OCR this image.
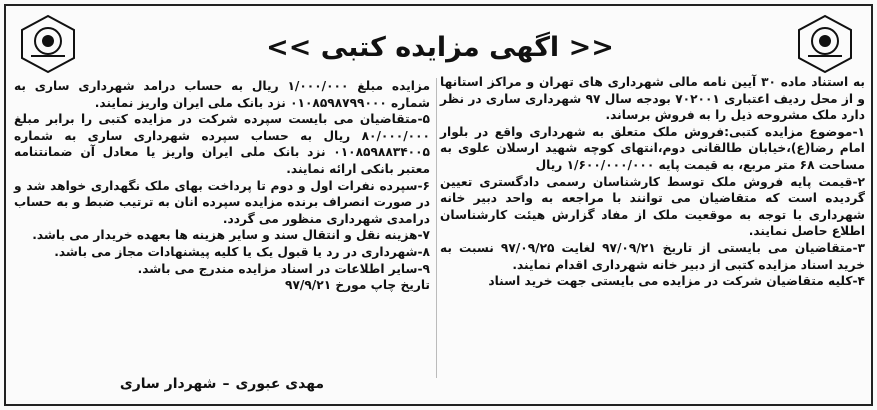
<< اگهی مزایده کتبی >>

به استناد ماده ۳۰ آیین نامه مالی شهرداری های تهران و مراکز استانها و از محل ردیف اعتباری ۷۰۲۰۰۱ بودجه سال ۹۷ شهرداری ساری در نظر دارد ملک مشروحه ذیل را به فروش برساند.

۱-موضوع مزایده کتبی:فروش ملک متعلق به شهرداری واقع در بلوار امام رضا(ع)،خیابان طالقانی دوم،انتهای کوچه شهید ارسلان علوی به مساحت ۶۸ متر مربع، به قیمت پایه ۱/۶۰۰/۰۰۰/۰۰۰ ریال

۲-قیمت پایه فروش ملک توسط کارشناسان رسمی دادگستری تعیین گردیده است که متقاضیان می توانند با مراجعه به واحد دبیر خانه شهرداری با توجه به موقعیت ملک از مفاد گزارش هیئت کارشناسان اطلاع حاصل نمایند.

۳-متقاضیان می بایستی از تاریخ ۹۷/۰۹/۲۱ لغایت ۹۷/۰۹/۲۵ نسبت به خرید اسناد مزایده کتبی از دبیر خانه شهرداری اقدام نمایند.

۴-کلیه متقاضیان شرکت در مزایده می بایستی جهت خرید اسناد

مزایده مبلغ ۱/۰۰۰/۰۰۰ ریال به حساب درامد شهرداری ساری به شماره ۰۱۰۸۵۹۸۷۹۹۰۰۰ نزد بانک ملی ایران واریز نمایند.

۵-متقاضیان می بایست سپرده شرکت در مزایده کتبی را برابر مبلغ ۸۰/۰۰۰/۰۰۰ ریال به حساب سپرده شهرداری ساری به شماره ۰۱۰۸۵۹۸۸۳۴۰۰۵ نزد بانک ملی ایران واریز یا معادل آن ضمانتنامه معتبر بانکی ارائه نمایند.

۶-سپرده نفرات اول و دوم تا پرداخت بهای ملک نگهداری خواهد شد و در صورت انصراف برنده مزایده سپرده انان به ترتیب ضبط و به حساب درامدی شهرداری منظور می گردد.

۷-هزینه نقل و انتقال سند و سایر هزینه ها بعهده خریدار می باشد.

۸-شهرداری در رد یا قبول یک یا کلیه پیشنهادات مجاز می باشد.

۹-سایر اطلاعات در اسناد مزایده مندرج می باشد.

تاریخ چاپ مورخ ۹۷/۹/۲۱

مهدی عبوری–شهردار ساری
